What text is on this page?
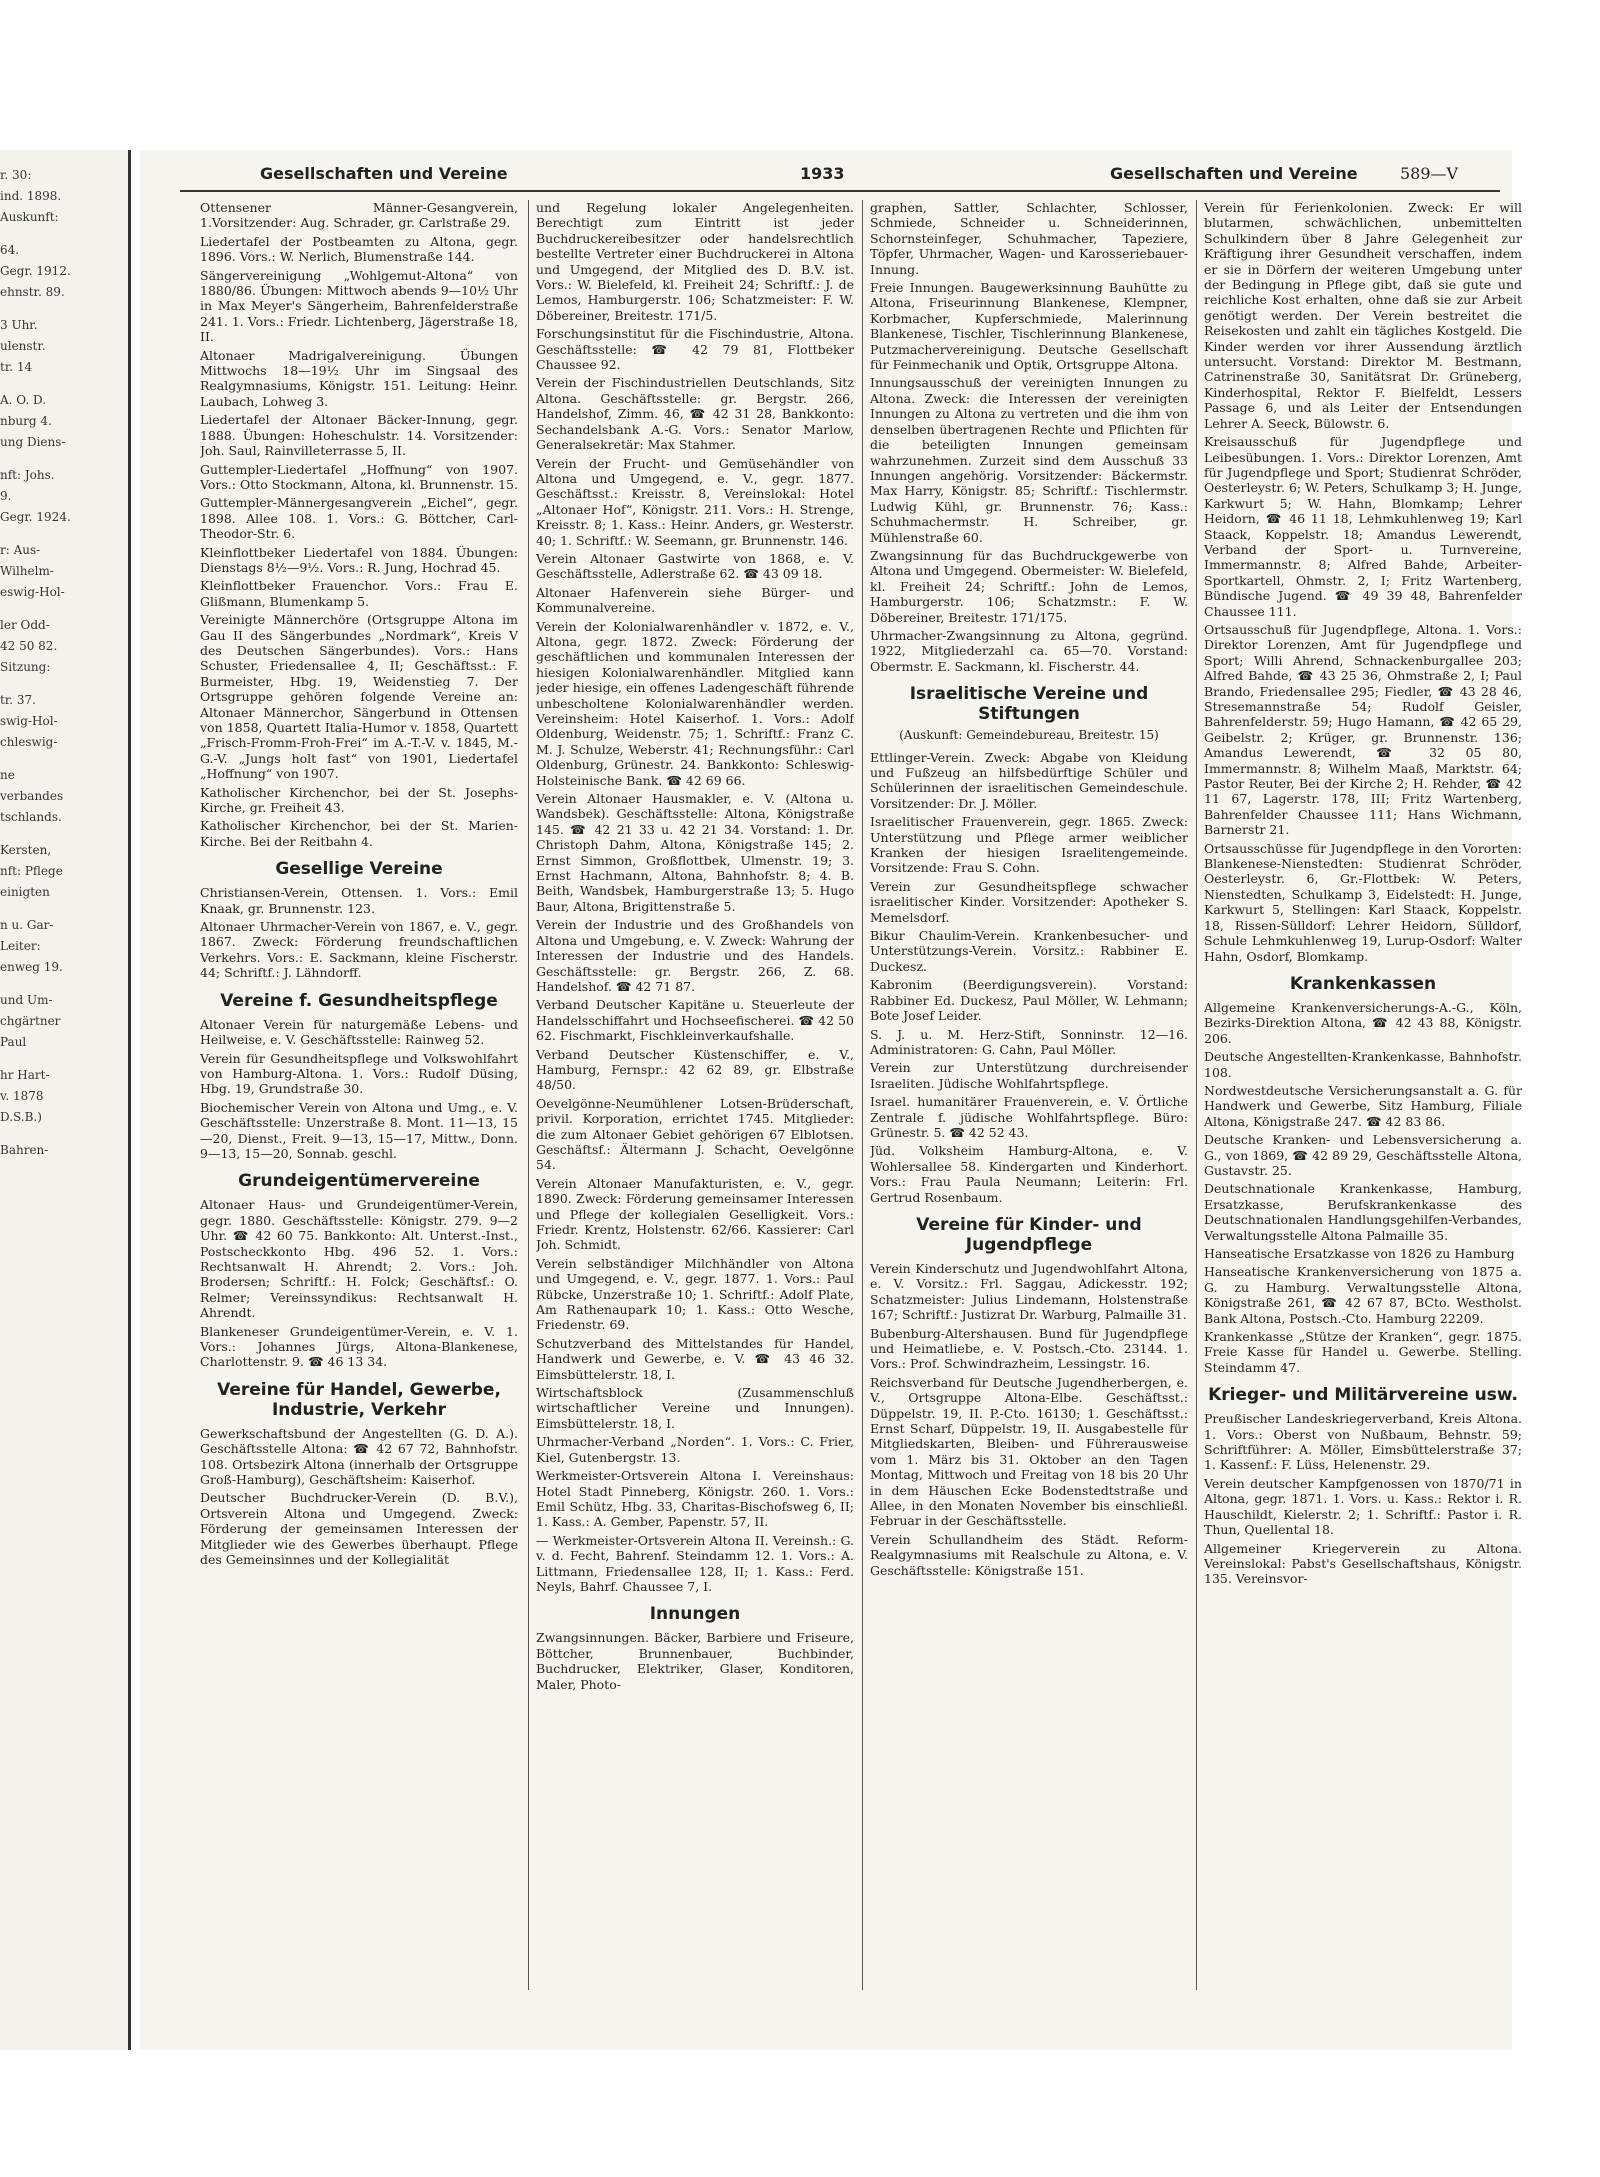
r. 30:

ind. 1898.

Auskunft:

64.

Gegr. 1912.

ehnstr. 89.

3 Uhr.

ulenstr.

tr. 14

A. O. D.

nburg 4.

ung Diens-

nft: Johs.

9.

Gegr. 1924.

r: Aus-

Wilhelm-

eswig-Hol-

ler Odd-

42 50 82.

Sitzung:

tr. 37.

swig-Hol-

chleswig-

ne

verbandes

tschlands.

Kersten,

nft: Pflege

einigten

n u. Gar-

Leiter:

enweg 19.

und Um-

chgärtner

Paul

hr Hart-

v. 1878

D.S.B.)

Bahren-

Gesellschaften und Vereine	1933	Gesellschaften und Vereine	589—V

Ottensener Männer-Gesangverein, 1.Vorsitzender: Aug. Schrader, gr. Carlstraße 29.

Liedertafel der Postbeamten zu Altona, gegr. 1896. Vors.: W. Nerlich, Blumenstraße 144.

Sängervereinigung „Wohlgemut-Altona“ von 1880/86. Übungen: Mittwoch abends 9—10½ Uhr in Max Meyer's Sängerheim, Bahrenfelderstraße 241. 1. Vors.: Friedr. Lichtenberg, Jägerstraße 18, II.

Altonaer Madrigalvereinigung. Übungen Mittwochs 18—19½ Uhr im Singsaal des Realgymnasiums, Königstr. 151. Leitung: Heinr. Laubach, Lohweg 3.

Liedertafel der Altonaer Bäcker-Innung, gegr. 1888. Übungen: Hoheschulstr. 14. Vorsitzender: Joh. Saul, Rainvilleterrasse 5, II.

Guttempler-Liedertafel „Hoffnung“ von 1907. Vors.: Otto Stockmann, Altona, kl. Brunnenstr. 15.

Guttempler-Männergesangverein „Eichel“, gegr. 1898. Allee 108. 1. Vors.: G. Böttcher, Carl-Theodor-Str. 6.

Kleinflottbeker Liedertafel von 1884. Übungen: Dienstags 8½—9½. Vors.: R. Jung, Hochrad 45.

Kleinflottbeker Frauenchor. Vors.: Frau E. Glißmann, Blumenkamp 5.

Vereinigte Männerchöre (Ortsgruppe Altona im Gau II des Sängerbundes „Nordmark“, Kreis V des Deutschen Sängerbundes). Vors.: Hans Schuster, Friedensallee 4, II; Geschäftsst.: F. Burmeister, Hbg. 19, Weidenstieg 7. Der Ortsgruppe gehören folgende Vereine an: Altonaer Männerchor, Sängerbund in Ottensen von 1858, Quartett Italia-Humor v. 1858, Quartett „Frisch-Fromm-Froh-Frei“ im A.-T.-V. v. 1845, M.-G.-V. „Jungs holt fast“ von 1901, Liedertafel „Hoffnung“ von 1907.

Katholischer Kirchenchor, bei der St. Josephs-Kirche, gr. Freiheit 43.

Katholischer Kirchenchor, bei der St. Marien-Kirche. Bei der Reitbahn 4.

Gesellige Vereine

Christiansen-Verein, Ottensen. 1. Vors.: Emil Knaak, gr. Brunnenstr. 123.

Altonaer Uhrmacher-Verein von 1867, e. V., gegr. 1867. Zweck: Förderung freundschaftlichen Verkehrs. Vors.: E. Sackmann, kleine Fischerstr. 44; Schriftf.: J. Lähndorff.

Vereine f. Gesundheitspflege

Altonaer Verein für naturgemäße Lebens- und Heilweise, e. V. Geschäftsstelle: Rainweg 52.

Verein für Gesundheitspflege und Volkswohlfahrt von Hamburg-Altona. 1. Vors.: Rudolf Düsing, Hbg. 19, Grundstraße 30.

Biochemischer Verein von Altona und Umg., e. V. Geschäftsstelle: Unzerstraße 8. Mont. 11—13, 15—20, Dienst., Freit. 9—13, 15—17, Mittw., Donn. 9—13, 15—20, Sonnab. geschl.

Grundeigentümervereine

Altonaer Haus- und Grundeigentümer-Verein, gegr. 1880. Geschäftsstelle: Königstr. 279. 9—2 Uhr. ☎ 42 60 75. Bankkonto: Alt. Unterst.-Inst., Postscheckkonto Hbg. 496 52. 1. Vors.: Rechtsanwalt H. Ahrendt; 2. Vors.: Joh. Brodersen; Schriftf.: H. Folck; Geschäftsf.: O. Relmer; Vereinssyndikus: Rechtsanwalt H. Ahrendt.

Blankeneser Grundeigentümer-Verein, e. V. 1. Vors.: Johannes Jürgs, Altona-Blankenese, Charlottenstr. 9. ☎ 46 13 34.

Vereine für Handel, Gewerbe, Industrie, Verkehr

Gewerkschaftsbund der Angestellten (G. D. A.). Geschäftsstelle Altona: ☎ 42 67 72, Bahnhofstr. 108. Ortsbezirk Altona (innerhalb der Ortsgruppe Groß-Hamburg), Geschäftsheim: Kaiserhof.

Deutscher Buchdrucker-Verein (D. B.V.), Ortsverein Altona und Umgegend. Zweck: Förderung der gemeinsamen Interessen der Mitglieder wie des Gewerbes überhaupt. Pflege des Gemeinsinnes und der Kollegialität

und Regelung lokaler Angelegenheiten. Berechtigt zum Eintritt ist jeder Buchdruckereibesitzer oder handelsrechtlich bestellte Vertreter einer Buchdruckerei in Altona und Umgegend, der Mitglied des D. B.V. ist. Vors.: W. Bielefeld, kl. Freiheit 24; Schriftf.: J. de Lemos, Hamburgerstr. 106; Schatzmeister: F. W. Döbereiner, Breitestr. 171/5.

Forschungsinstitut für die Fischindustrie, Altona. Geschäftsstelle: ☎ 42 79 81, Flottbeker Chaussee 92.

Verein der Fischindustriellen Deutschlands, Sitz Altona. Geschäftsstelle: gr. Bergstr. 266, Handelshof, Zimm. 46, ☎ 42 31 28, Bankkonto: Sechandelsbank A.-G. Vors.: Senator Marlow, Generalsekretär: Max Stahmer.

Verein der Frucht- und Gemüsehändler von Altona und Umgegend, e. V., gegr. 1877. Geschäftsst.: Kreisstr. 8, Vereinslokal: Hotel „Altonaer Hof“, Königstr. 211. Vors.: H. Strenge, Kreisstr. 8; 1. Kass.: Heinr. Anders, gr. Westerstr. 40; 1. Schriftf.: W. Seemann, gr. Brunnenstr. 146.

Verein Altonaer Gastwirte von 1868, e. V. Geschäftsstelle, Adlerstraße 62. ☎ 43 09 18.

Altonaer Hafenverein siehe Bürger- und Kommunalvereine.

Verein der Kolonialwarenhändler v. 1872, e. V., Altona, gegr. 1872. Zweck: Förderung der geschäftlichen und kommunalen Interessen der hiesigen Kolonialwarenhändler. Mitglied kann jeder hiesige, ein offenes Ladengeschäft führende unbescholtene Kolonialwarenhändler werden. Vereinsheim: Hotel Kaiserhof. 1. Vors.: Adolf Oldenburg, Weidenstr. 75; 1. Schriftf.: Franz C. M. J. Schulze, Weberstr. 41; Rechnungsführ.: Carl Oldenburg, Grünestr. 24. Bankkonto: Schleswig-Holsteinische Bank. ☎ 42 69 66.

Verein Altonaer Hausmakler, e. V. (Altona u. Wandsbek). Geschäftsstelle: Altona, Königstraße 145. ☎ 42 21 33 u. 42 21 34. Vorstand: 1. Dr. Christoph Dahm, Altona, Königstraße 145; 2. Ernst Simmon, Großflottbek, Ulmenstr. 19; 3. Ernst Hachmann, Altona, Bahnhofstr. 8; 4. B. Beith, Wandsbek, Hamburgerstraße 13; 5. Hugo Baur, Altona, Brigittenstraße 5.

Verein der Industrie und des Großhandels von Altona und Umgebung, e. V. Zweck: Wahrung der Interessen der Industrie und des Handels. Geschäftsstelle: gr. Bergstr. 266, Z. 68. Handelshof. ☎ 42 71 87.

Verband Deutscher Kapitäne u. Steuerleute der Handelsschiffahrt und Hochseefischerei. ☎ 42 50 62. Fischmarkt, Fischkleinverkaufshalle.

Verband Deutscher Küstenschiffer, e. V., Hamburg, Fernspr.: 42 62 89, gr. Elbstraße 48/50.

Oevelgönne-Neumühlener Lotsen-Brüderschaft, privil. Korporation, errichtet 1745. Mitglieder: die zum Altonaer Gebiet gehörigen 67 Elblotsen. Geschäftsf.: Ältermann J. Schacht, Oevelgönne 54.

Verein Altonaer Manufakturisten, e. V., gegr. 1890. Zweck: Förderung gemeinsamer Interessen und Pflege der kollegialen Geselligkeit. Vors.: Friedr. Krentz, Holstenstr. 62/66. Kassierer: Carl Joh. Schmidt.

Verein selbständiger Milchhändler von Altona und Umgegend, e. V., gegr. 1877. 1. Vors.: Paul Rübcke, Unzerstraße 10; 1. Schriftf.: Adolf Plate, Am Rathenaupark 10; 1. Kass.: Otto Wesche, Friedenstr. 69.

Schutzverband des Mittelstandes für Handel, Handwerk und Gewerbe, e. V. ☎ 43 46 32. Eimsbüttelerstr. 18, I.

Wirtschaftsblock (Zusammenschluß wirtschaftlicher Vereine und Innungen). Eimsbüttelerstr. 18, I.

Uhrmacher-Verband „Norden“. 1. Vors.: C. Frier, Kiel, Gutenbergstr. 13.

Werkmeister-Ortsverein Altona I. Vereinshaus: Hotel Stadt Pinneberg, Königstr. 260. 1. Vors.: Emil Schütz, Hbg. 33, Charitas-Bischofsweg 6, II; 1. Kass.: A. Gember, Papenstr. 57, II.

— Werkmeister-Ortsverein Altona II. Vereinsh.: G. v. d. Fecht, Bahrenf. Steindamm 12. 1. Vors.: A. Littmann, Friedensallee 128, II; 1. Kass.: Ferd. Neyls, Bahrf. Chaussee 7, I.

Innungen

Zwangsinnungen. Bäcker, Barbiere und Friseure, Böttcher, Brunnenbauer, Buchbinder, Buchdrucker, Elektriker, Glaser, Konditoren, Maler, Photo-

graphen, Sattler, Schlachter, Schlosser, Schmiede, Schneider u. Schneiderinnen, Schornsteinfeger, Schuhmacher, Tapeziere, Töpfer, Uhrmacher, Wagen- und Karosseriebauer-Innung.

Freie Innungen. Baugewerksinnung Bauhütte zu Altona, Friseurinnung Blankenese, Klempner, Korbmacher, Kupferschmiede, Malerinnung Blankenese, Tischler, Tischlerinnung Blankenese, Putzmachervereinigung. Deutsche Gesellschaft für Feinmechanik und Optik, Ortsgruppe Altona.

Innungsausschuß der vereinigten Innungen zu Altona. Zweck: die Interessen der vereinigten Innungen zu Altona zu vertreten und die ihm von denselben übertragenen Rechte und Pflichten für die beteiligten Innungen gemeinsam wahrzunehmen. Zurzeit sind dem Ausschuß 33 Innungen angehörig. Vorsitzender: Bäckermstr. Max Harry, Königstr. 85; Schriftf.: Tischlermstr. Ludwig Kühl, gr. Brunnenstr. 76; Kass.: Schuhmachermstr. H. Schreiber, gr. Mühlenstraße 60.

Zwangsinnung für das Buchdruckgewerbe von Altona und Umgegend. Obermeister: W. Bielefeld, kl. Freiheit 24; Schriftf.: John de Lemos, Hamburgerstr. 106; Schatzmstr.: F. W. Döbereiner, Breitestr. 171/175.

Uhrmacher-Zwangsinnung zu Altona, gegründ. 1922, Mitgliederzahl ca. 65—70. Vorstand: Obermstr. E. Sackmann, kl. Fischerstr. 44.

Israelitische Vereine und Stiftungen

(Auskunft: Gemeindebureau, Breitestr. 15)

Ettlinger-Verein. Zweck: Abgabe von Kleidung und Fußzeug an hilfsbedürftige Schüler und Schülerinnen der israelitischen Gemeindeschule. Vorsitzender: Dr. J. Möller.

Israelitischer Frauenverein, gegr. 1865. Zweck: Unterstützung und Pflege armer weiblicher Kranken der hiesigen Israelitengemeinde. Vorsitzende: Frau S. Cohn.

Verein zur Gesundheitspflege schwacher israelitischer Kinder. Vorsitzender: Apotheker S. Memelsdorf.

Bikur Chaulim-Verein. Krankenbesucher- und Unterstützungs-Verein. Vorsitz.: Rabbiner E. Duckesz.

Kabronim (Beerdigungsverein). Vorstand: Rabbiner Ed. Duckesz, Paul Möller, W. Lehmann; Bote Josef Leider.

S. J. u. M. Herz-Stift, Sonninstr. 12—16. Administratoren: G. Cahn, Paul Möller.

Verein zur Unterstützung durchreisender Israeliten. Jüdische Wohlfahrtspflege.

Israel. humanitärer Frauenverein, e. V. Örtliche Zentrale f. jüdische Wohlfahrtspflege. Büro: Grünestr. 5. ☎ 42 52 43.

Jüd. Volksheim Hamburg-Altona, e. V. Wohlersallee 58. Kindergarten und Kinderhort. Vors.: Frau Paula Neumann; Leiterin: Frl. Gertrud Rosenbaum.

Vereine für Kinder- und Jugendpflege

Verein Kinderschutz und Jugendwohlfahrt Altona, e. V. Vorsitz.: Frl. Saggau, Adickesstr. 192; Schatzmeister: Julius Lindemann, Holstenstraße 167; Schriftf.: Justizrat Dr. Warburg, Palmaille 31.

Bubenburg-Altershausen. Bund für Jugendpflege und Heimatliebe, e. V. Postsch.-Cto. 23144. 1. Vors.: Prof. Schwindrazheim, Lessingstr. 16.

Reichsverband für Deutsche Jugendherbergen, e. V., Ortsgruppe Altona-Elbe. Geschäftsst.: Düppelstr. 19, II. P.-Cto. 16130; 1. Geschäftsst.: Ernst Scharf, Düppelstr. 19, II. Ausgabestelle für Mitgliedskarten, Bleiben- und Führerausweise vom 1. März bis 31. Oktober an den Tagen Montag, Mittwoch und Freitag von 18 bis 20 Uhr in dem Häuschen Ecke Bodenstedtstraße und Allee, in den Monaten November bis einschließl. Februar in der Geschäftsstelle.

Verein Schullandheim des Städt. Reform-Realgymnasiums mit Realschule zu Altona, e. V. Geschäftsstelle: Königstraße 151.

Verein für Ferienkolonien. Zweck: Er will blutarmen, schwächlichen, unbemittelten Schulkindern über 8 Jahre Gelegenheit zur Kräftigung ihrer Gesundheit verschaffen, indem er sie in Dörfern der weiteren Umgebung unter der Bedingung in Pflege gibt, daß sie gute und reichliche Kost erhalten, ohne daß sie zur Arbeit genötigt werden. Der Verein bestreitet die Reisekosten und zahlt ein tägliches Kostgeld. Die Kinder werden vor ihrer Aussendung ärztlich untersucht. Vorstand: Direktor M. Bestmann, Catrinenstraße 30, Sanitätsrat Dr. Grüneberg, Kinderhospital, Rektor F. Bielfeldt, Lessers Passage 6, und als Leiter der Entsendungen Lehrer A. Seeck, Bülowstr. 6.

Kreisausschuß für Jugendpflege und Leibesübungen. 1. Vors.: Direktor Lorenzen, Amt für Jugendpflege und Sport; Studienrat Schröder, Oesterleystr. 6; W. Peters, Schulkamp 3; H. Junge, Karkwurt 5; W. Hahn, Blomkamp; Lehrer Heidorn, ☎ 46 11 18, Lehmkuhlenweg 19; Karl Staack, Koppelstr. 18; Amandus Lewerendt, Verband der Sport- u. Turnvereine, Immermannstr. 8; Alfred Bahde, Arbeiter-Sportkartell, Ohmstr. 2, I; Fritz Wartenberg, Bündische Jugend. ☎ 49 39 48, Bahrenfelder Chaussee 111.

Ortsausschuß für Jugendpflege, Altona. 1. Vors.: Direktor Lorenzen, Amt für Jugendpflege und Sport; Willi Ahrend, Schnackenburgallee 203; Alfred Bahde, ☎ 43 25 36, Ohmstraße 2, I; Paul Brando, Friedensallee 295; Fiedler, ☎ 43 28 46, Stresemannstraße 54; Rudolf Geisler, Bahrenfelderstr. 59; Hugo Hamann, ☎ 42 65 29, Geibelstr. 2; Krüger, gr. Brunnenstr. 136; Amandus Lewerendt, ☎ 32 05 80, Immermannstr. 8; Wilhelm Maaß, Marktstr. 64; Pastor Reuter, Bei der Kirche 2; H. Rehder, ☎ 42 11 67, Lagerstr. 178, III; Fritz Wartenberg, Bahrenfelder Chaussee 111; Hans Wichmann, Barnerstr 21.

Ortsausschüsse für Jugendpflege in den Vororten: Blankenese-Nienstedten: Studienrat Schröder, Oesterleystr. 6, Gr.-Flottbek: W. Peters, Nienstedten, Schulkamp 3, Eidelstedt: H. Junge, Karkwurt 5, Stellingen: Karl Staack, Koppelstr. 18, Rissen-Sülldorf: Lehrer Heidorn, Sülldorf, Schule Lehmkuhlenweg 19, Lurup-Osdorf: Walter Hahn, Osdorf, Blomkamp.

Krankenkassen

Allgemeine Krankenversicherungs-A.-G., Köln, Bezirks-Direktion Altona, ☎ 42 43 88, Königstr. 206.

Deutsche Angestellten-Krankenkasse, Bahnhofstr. 108.

Nordwestdeutsche Versicherungsanstalt a. G. für Handwerk und Gewerbe, Sitz Hamburg, Filiale Altona, Königstraße 247. ☎ 42 83 86.

Deutsche Kranken- und Lebensversicherung a. G., von 1869, ☎ 42 89 29, Geschäftsstelle Altona, Gustavstr. 25.

Deutschnationale Krankenkasse, Hamburg, Ersatzkasse, Berufskrankenkasse des Deutschnationalen Handlungsgehilfen-Verbandes, Verwaltungsstelle Altona Palmaille 35.

Hanseatische Ersatzkasse von 1826 zu Hamburg

Hanseatische Krankenversicherung von 1875 a. G. zu Hamburg. Verwaltungsstelle Altona, Königstraße 261, ☎ 42 67 87, BCto. Westholst. Bank Altona, Postsch.-Cto. Hamburg 22209.

Krankenkasse „Stütze der Kranken“, gegr. 1875. Freie Kasse für Handel u. Gewerbe. Stelling. Steindamm 47.

Krieger- und Militärvereine usw.

Preußischer Landeskriegerverband, Kreis Altona. 1. Vors.: Oberst von Nußbaum, Behnstr. 59; Schriftführer: A. Möller, Eimsbüttelerstraße 37; 1. Kassenf.: F. Lüss, Helenenstr. 29.

Verein deutscher Kampfgenossen von 1870/71 in Altona, gegr. 1871. 1. Vors. u. Kass.: Rektor i. R. Hauschildt, Kielerstr. 2; 1. Schriftf.: Pastor i. R. Thun, Quellental 18.

Allgemeiner Kriegerverein zu Altona. Vereinslokal: Pabst's Gesellschaftshaus, Königstr. 135. Vereinsvor-
